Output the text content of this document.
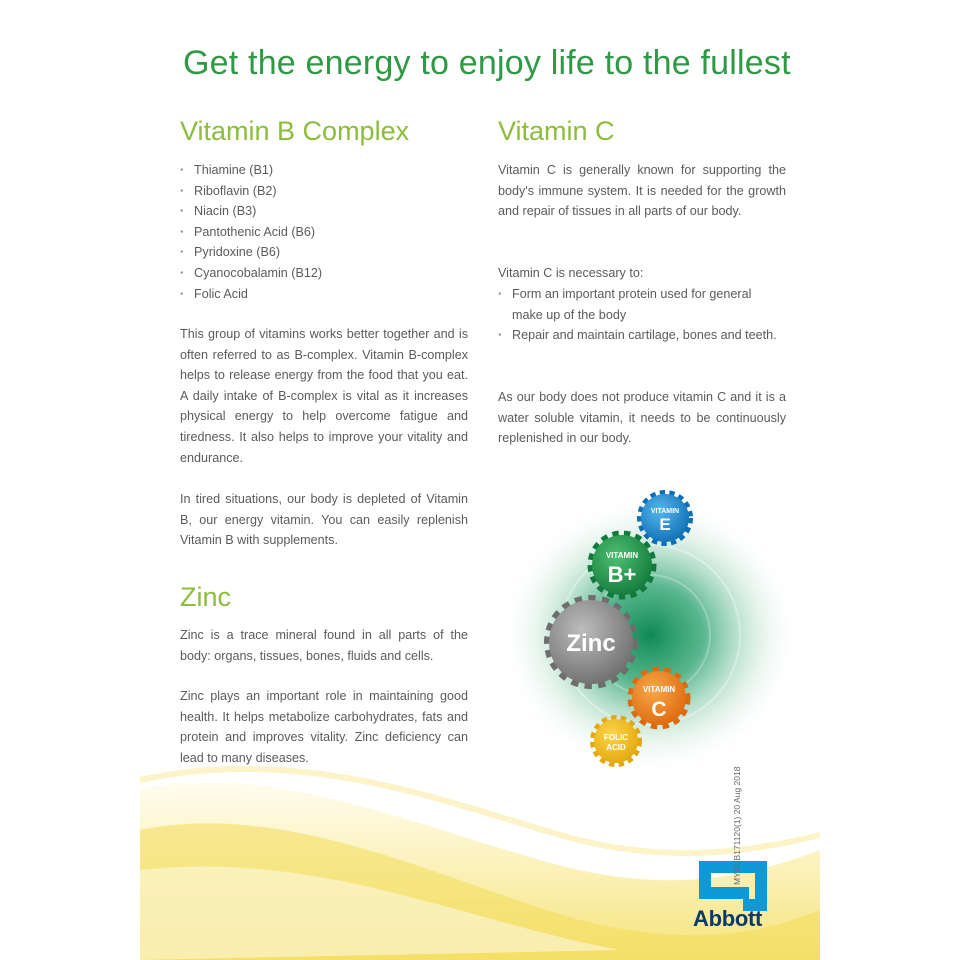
Get the energy to enjoy life to the fullest
Vitamin B Complex
· Thiamine (B1)
· Riboflavin (B2)
· Niacin (B3)
· Pantothenic Acid (B6)
· Pyridoxine (B6)
· Cyanocobalamin (B12)
· Folic Acid
This group of vitamins works better together and is often referred to as B-complex. Vitamin B-complex helps to release energy from the food that you eat. A daily intake of B-complex is vital as it increases physical energy to help overcome fatigue and tiredness. It also helps to improve your vitality and endurance.
In tired situations, our body is depleted of Vitamin B, our energy vitamin. You can easily replenish Vitamin B with supplements.
Zinc
Zinc is a trace mineral found in all parts of the body: organs, tissues, bones, fluids and cells.
Zinc plays an important role in maintaining good health. It helps metabolize carbohydrates, fats and protein and improves vitality. Zinc deficiency can lead to many diseases.
Vitamin C
Vitamin C is generally known for supporting the body's immune system. It is needed for the growth and repair of tissues in all parts of our body.
Vitamin C is necessary to:
· Form an important protein used for general make up of the body
· Repair and maintain cartilage, bones and teeth.
As our body does not produce vitamin C and it is a water soluble vitamin, it needs to be continuously replenished in our body.
VITAMIN
E
VITAMIN
B+
Zinc
VITAMIN
C
FOLIC
ACID
Abbott
MYSUB171120(1) 20 Aug 2018
